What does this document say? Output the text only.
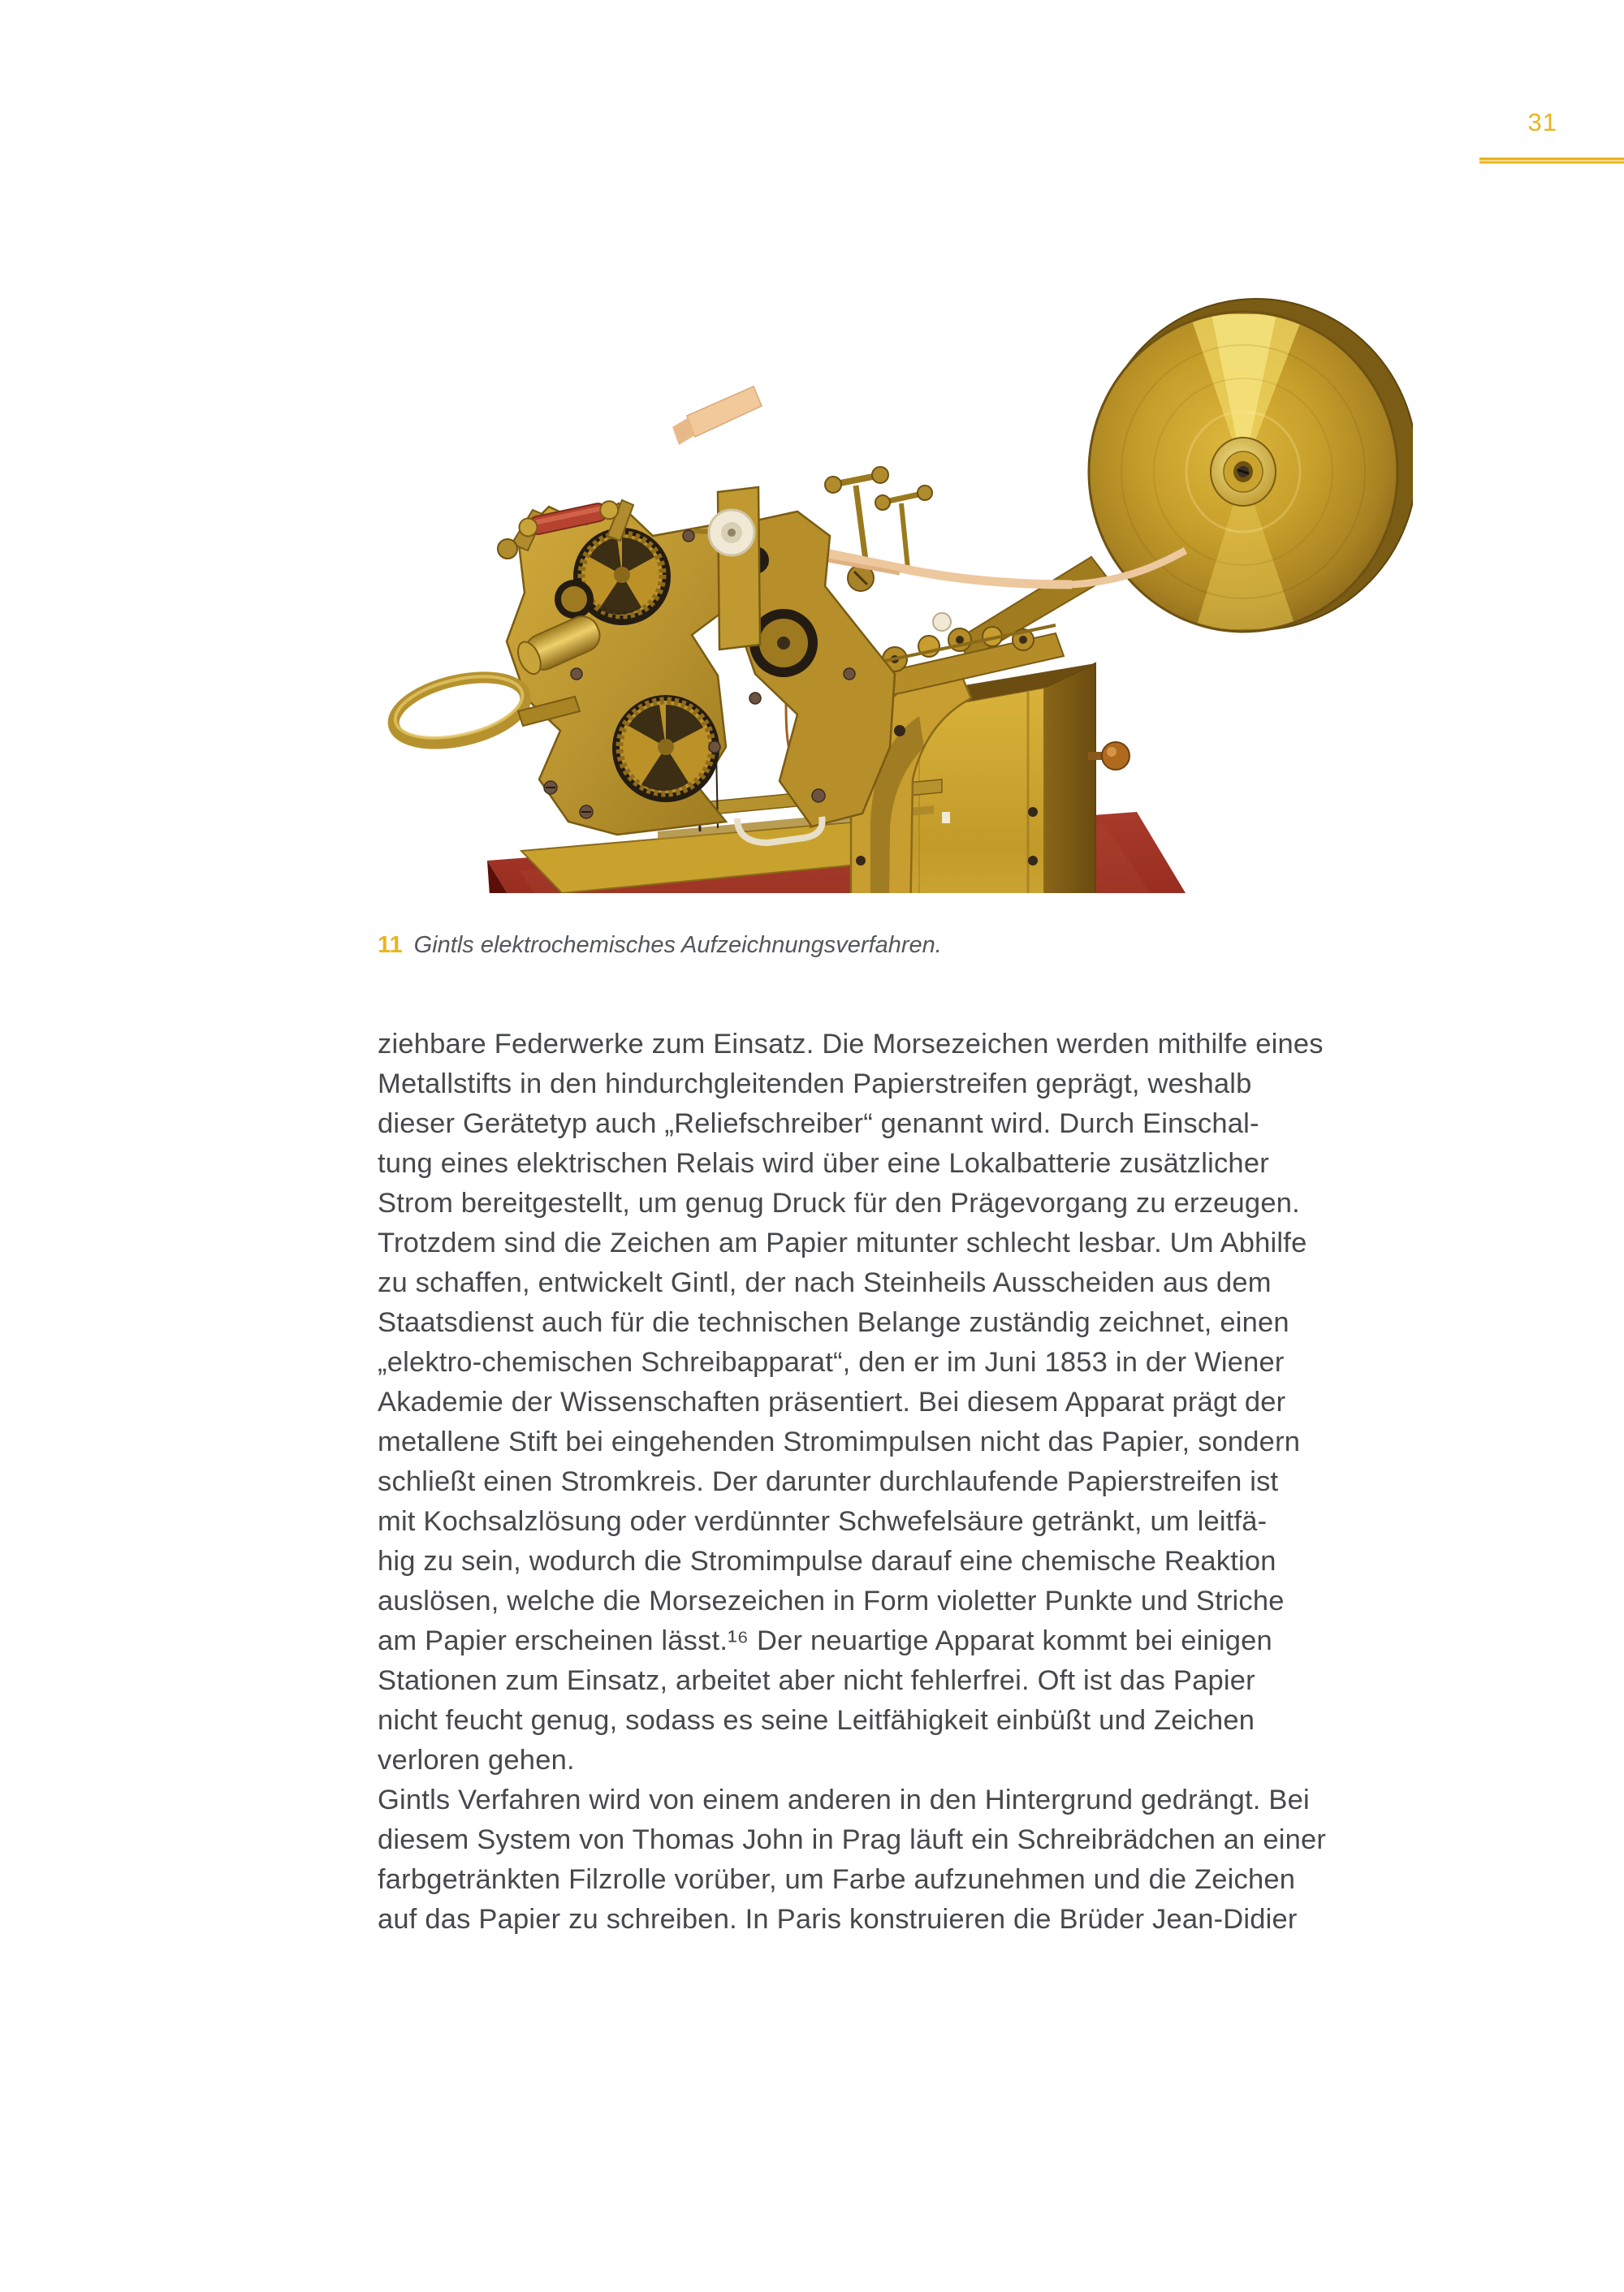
31
11 Gintls elektrochemisches Aufzeichnungsverfahren.
ziehbare Federwerke zum Einsatz. Die Morsezeichen werden mithilfe eines
Metallstifts in den hindurchgleitenden Papierstreifen geprägt, weshalb
dieser Gerätetyp auch „Reliefschreiber“ genannt wird. Durch Einschal-
tung eines elektrischen Relais wird über eine Lokalbatterie zusätzlicher
Strom bereitgestellt, um genug Druck für den Prägevorgang zu erzeugen.
Trotzdem sind die Zeichen am Papier mitunter schlecht lesbar. Um Abhilfe
zu schaffen, entwickelt Gintl, der nach Steinheils Ausscheiden aus dem
Staatsdienst auch für die technischen Belange zuständig zeichnet, einen
„elektro-chemischen Schreibapparat“, den er im Juni 1853 in der Wiener
Akademie der Wissenschaften präsentiert. Bei diesem Apparat prägt der
metallene Stift bei eingehenden Stromimpulsen nicht das Papier, sondern
schließt einen Stromkreis. Der darunter durchlaufende Papierstreifen ist
mit Kochsalzlösung oder verdünnter Schwefelsäure getränkt, um leitfä-
hig zu sein, wodurch die Stromimpulse darauf eine chemische Reaktion
auslösen, welche die Morsezeichen in Form violetter Punkte und Striche
am Papier erscheinen lässt.¹⁶ Der neuartige Apparat kommt bei einigen
Stationen zum Einsatz, arbeitet aber nicht fehlerfrei. Oft ist das Papier
nicht feucht genug, sodass es seine Leitfähigkeit einbüßt und Zeichen
verloren gehen.
Gintls Verfahren wird von einem anderen in den Hintergrund gedrängt. Bei
diesem System von Thomas John in Prag läuft ein Schreibrädchen an einer
farbgetränkten Filzrolle vorüber, um Farbe aufzunehmen und die Zeichen
auf das Papier zu schreiben. In Paris konstruieren die Brüder Jean-Didier
